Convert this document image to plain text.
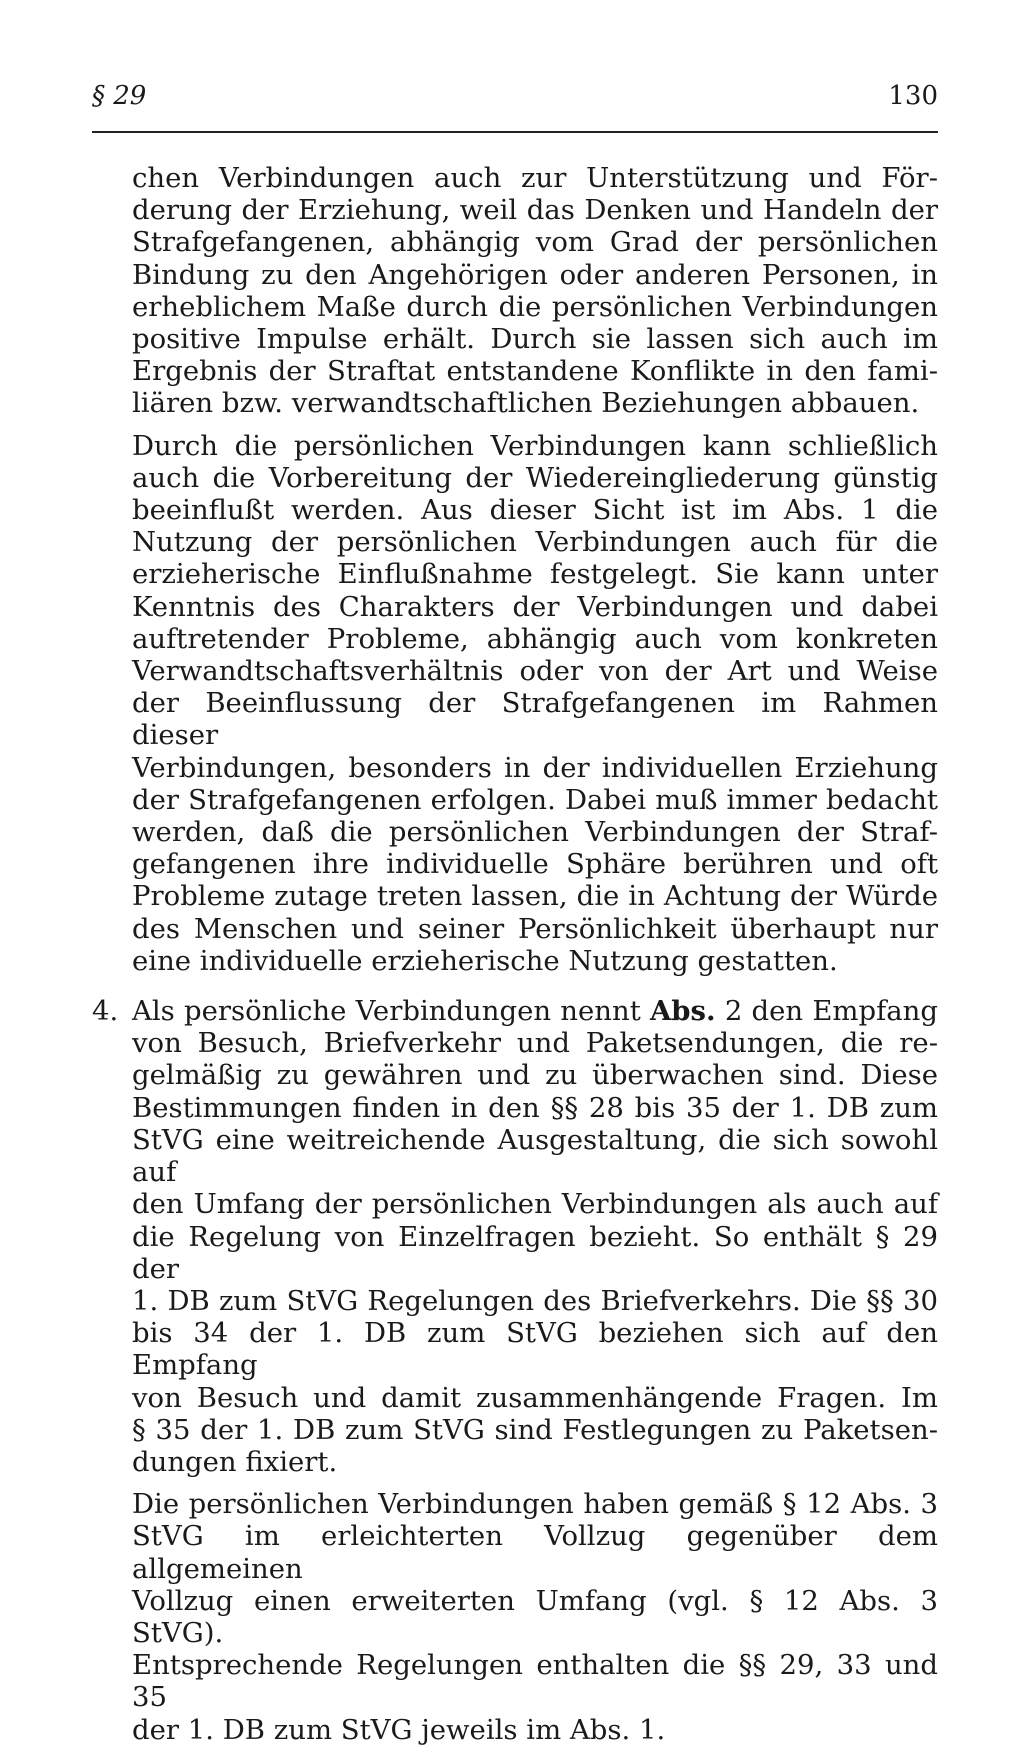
§ 29	130
chen Verbindungen auch zur Unterstützung und För-
derung der Erziehung, weil das Denken und Handeln der
Strafgefangenen, abhängig vom Grad der persönlichen
Bindung zu den Angehörigen oder anderen Personen, in
erheblichem Maße durch die persönlichen Verbindungen
positive Impulse erhält. Durch sie lassen sich auch im
Ergebnis der Straftat entstandene Konflikte in den fami-
liären bzw. verwandtschaftlichen Beziehungen abbauen.
Durch die persönlichen Verbindungen kann schließlich
auch die Vorbereitung der Wiedereingliederung günstig
beeinflußt werden. Aus dieser Sicht ist im Abs. 1 die
Nutzung der persönlichen Verbindungen auch für die
erzieherische Einflußnahme festgelegt. Sie kann unter
Kenntnis des Charakters der Verbindungen und dabei
auftretender Probleme, abhängig auch vom konkreten
Verwandtschaftsverhältnis oder von der Art und Weise
der Beeinflussung der Strafgefangenen im Rahmen dieser
Verbindungen, besonders in der individuellen Erziehung
der Strafgefangenen erfolgen. Dabei muß immer bedacht
werden, daß die persönlichen Verbindungen der Straf-
gefangenen ihre individuelle Sphäre berühren und oft
Probleme zutage treten lassen, die in Achtung der Würde
des Menschen und seiner Persönlichkeit überhaupt nur
eine individuelle erzieherische Nutzung gestatten.
4. Als persönliche Verbindungen nennt Abs. 2 den Empfang
von Besuch, Briefverkehr und Paketsendungen, die re-
gelmäßig zu gewähren und zu überwachen sind. Diese
Bestimmungen finden in den §§ 28 bis 35 der 1. DB zum
StVG eine weitreichende Ausgestaltung, die sich sowohl auf
den Umfang der persönlichen Verbindungen als auch auf
die Regelung von Einzelfragen bezieht. So enthält § 29 der
1. DB zum StVG Regelungen des Briefverkehrs. Die §§ 30
bis 34 der 1. DB zum StVG beziehen sich auf den Empfang
von Besuch und damit zusammenhängende Fragen. Im
§ 35 der 1. DB zum StVG sind Festlegungen zu Paketsen-
dungen fixiert.
Die persönlichen Verbindungen haben gemäß § 12 Abs. 3
StVG im erleichterten Vollzug gegenüber dem allgemeinen
Vollzug einen erweiterten Umfang (vgl. § 12 Abs. 3 StVG).
Entsprechende Regelungen enthalten die §§ 29, 33 und 35
der 1. DB zum StVG jeweils im Abs. 1.
